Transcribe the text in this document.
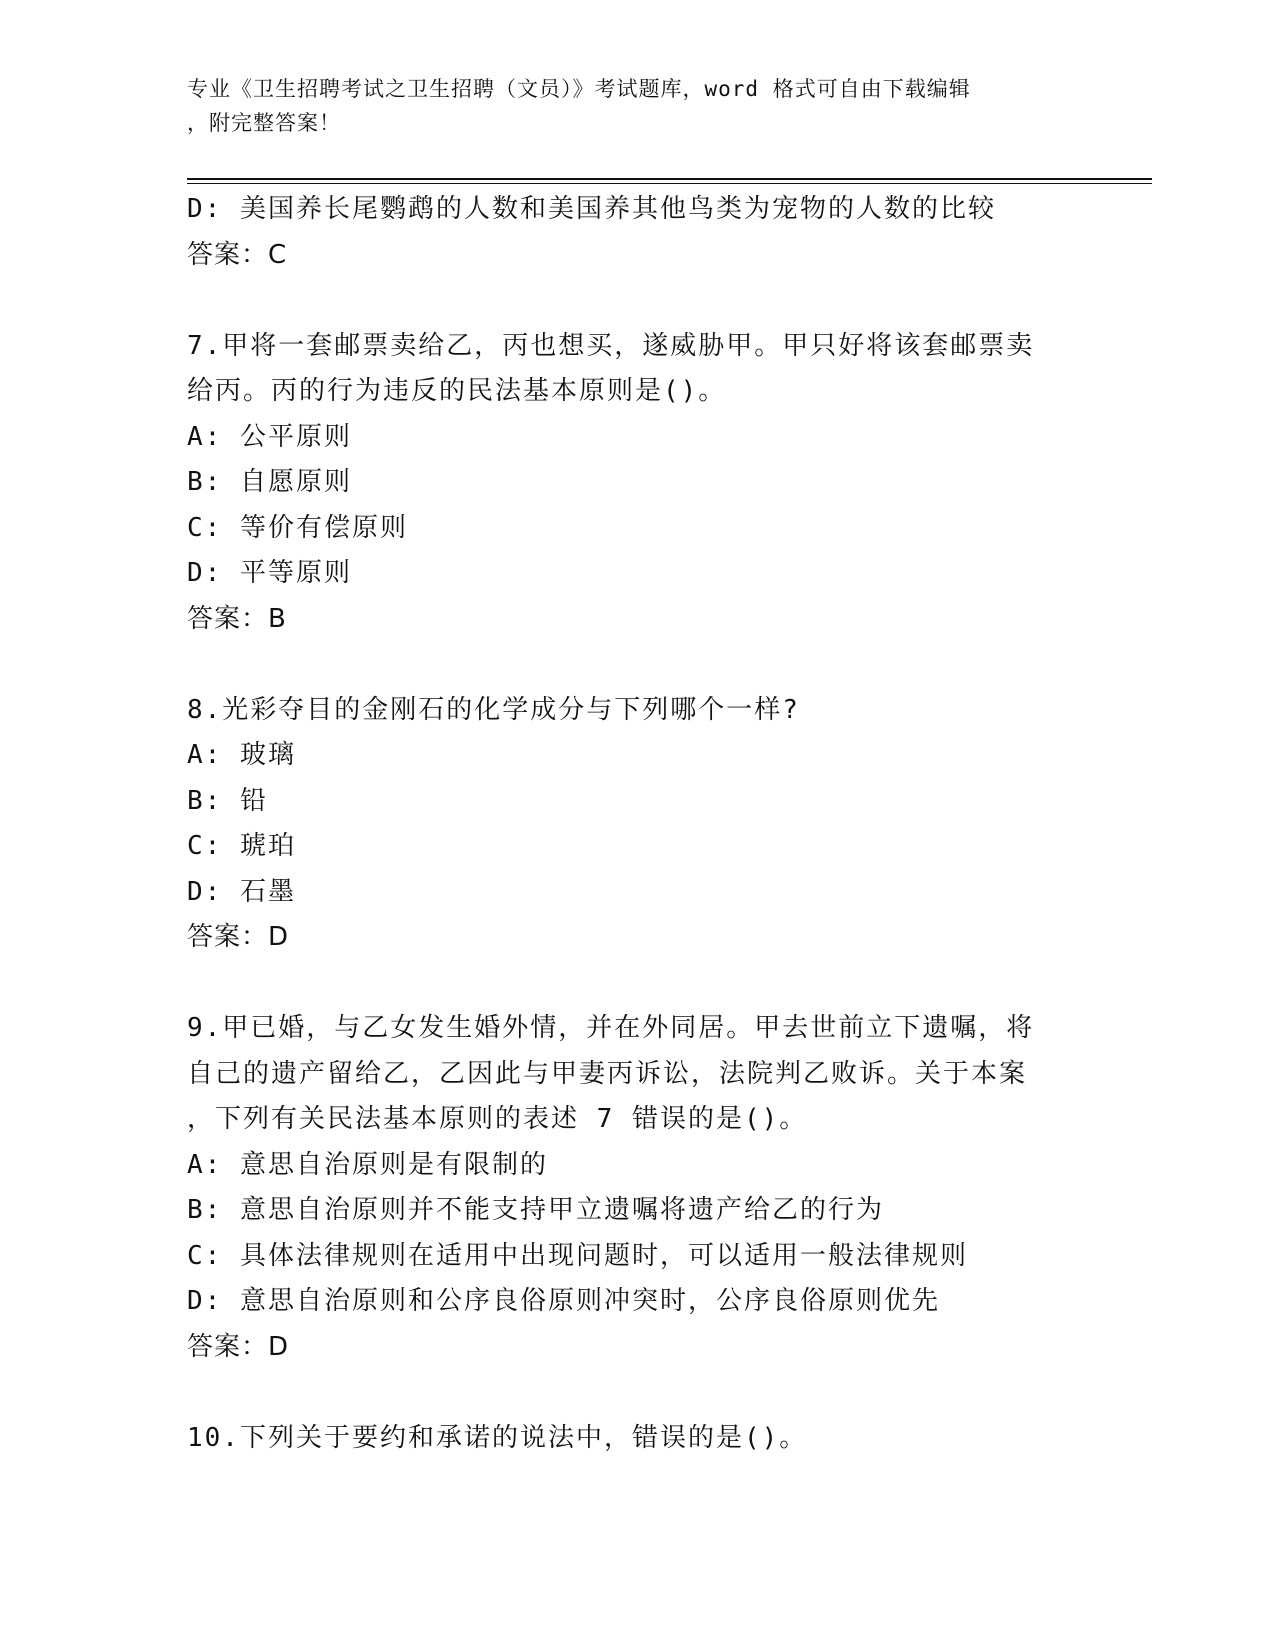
专业《卫生招聘考试之卫生招聘（文员）》考试题库，word 格式可自由下载编辑
，附完整答案！
D: 美国养长尾鹦鹉的人数和美国养其他鸟类为宠物的人数的比较
答案：C
7.甲将一套邮票卖给乙，丙也想买，遂威胁甲。甲只好将该套邮票卖
给丙。丙的行为违反的民法基本原则是()。
A: 公平原则
B: 自愿原则
C: 等价有偿原则
D: 平等原则
答案：B
8.光彩夺目的金刚石的化学成分与下列哪个一样?
A: 玻璃
B: 铅
C: 琥珀
D: 石墨
答案：D
9.甲已婚，与乙女发生婚外情，并在外同居。甲去世前立下遗嘱，将
自己的遗产留给乙，乙因此与甲妻丙诉讼，法院判乙败诉。关于本案
，下列有关民法基本原则的表述 7 错误的是()。
A: 意思自治原则是有限制的
B: 意思自治原则并不能支持甲立遗嘱将遗产给乙的行为
C: 具体法律规则在适用中出现问题时，可以适用一般法律规则
D: 意思自治原则和公序良俗原则冲突时，公序良俗原则优先
答案：D
10.下列关于要约和承诺的说法中，错误的是()。
